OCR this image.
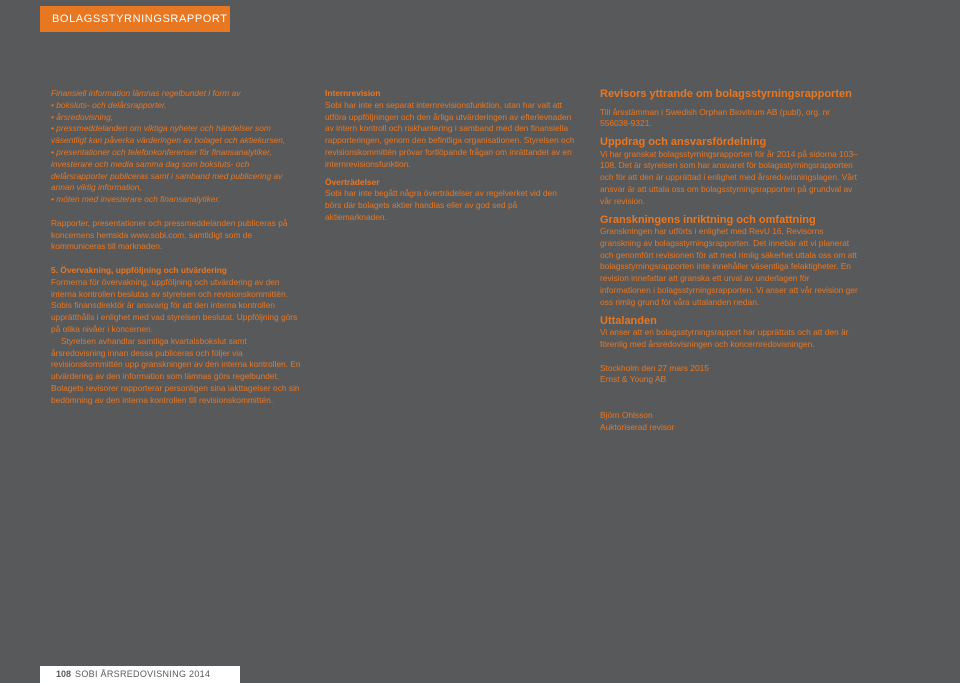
BOLAGSSTYRNINGSRAPPORT

Finansiell information lämnas regelbundet i form av

• boksluts- och delårsrapporter,

• årsredovisning,

• pressmeddelanden om viktiga nyheter och händelser som väsentligt kan påverka värderingen av bolaget och aktiekursen,

• presentationer och telefonkonferenser för finansanalytiker, investerare och media samma dag som boksluts- och delårsrapporter publiceras samt i samband med publicering av annan viktig information,

• möten med investerare och finansanalytiker.

Rapporter, presentationer och pressmeddelanden publiceras på koncernens hemsida www.sobi.com, samtidigt som de kommuniceras till marknaden.

5. Övervakning, uppföljning och utvärdering

Formerna för övervakning, uppföljning och utvärdering av den interna kontrollen beslutas av styrelsen och revisionskommittén. Sobis finansdirektör är ansvarig för att den interna kontrollen upprätthålls i enlighet med vad styrelsen beslutat. Uppföljning görs på olika nivåer i koncernen.

Styrelsen avhandlar samtliga kvartalsbokslut samt årsredovisning innan dessa publiceras och följer via revisionskommittén upp granskningen av den interna kontrollen. En utvärdering av den information som lämnas görs regelbundet. Bolagets revisorer rapporterar personligen sina iakttagelser och sin bedömning av den interna kontrollen till revisionskommittén.

Internrevision

Sobi har inte en separat internrevisionsfunktion, utan har valt att utföra uppföljningen och den årliga utvärderingen av efterlevnaden av intern kontroll och riskhantering i samband med den finansiella rapporteringen, genom den befintliga organisationen. Styrelsen och revisionskommittén prövar fortlöpande frågan om inrättandet av en internrevisionsfunktion.

Överträdelser

Sobi har inte begått några överträdelser av regelverket vid den börs där bolagets aktier handlas eller av god sed på aktiemarknaden.

Revisors yttrande om bolagsstyrningsrapporten

Till årsstämman i Swedish Orphan Biovitrum AB (publ), org. nr 556038-9321.

Uppdrag och ansvarsfördelning

Vi har granskat bolagsstyrningsrapporten för år 2014 på sidorna 103–108. Det är styrelsen som har ansvaret för bolagsstyrningsrapporten och för att den är upprättad i enlighet med årsredovisningslagen. Vårt ansvar är att uttala oss om bolagsstyrningsrapporten på grundval av vår revision.

Granskningens inriktning och omfattning

Granskningen har utförts i enlighet med RevU 16, Revisorns granskning av bolagsstyrningsrapporten. Det innebär att vi planerat och genomfört revisionen för att med rimlig säkerhet uttala oss om att bolagsstyrningsrapporten inte innehåller väsentliga felaktigheter. En revision innefattar att granska ett urval av underlagen för informationen i bolagsstyrningsrapporten. Vi anser att vår revision ger oss rimlig grund för våra uttalanden nedan.

Uttalanden

Vi anser att en bolagsstyrningsrapport har upprättats och att den är förenlig med årsredovisningen och koncernredovisningen.

Stockholm den 27 mars 2015

Ernst & Young AB

Björn Ohlsson

Auktoriserad revisor

108 SOBI ÅRSREDOVISNING 2014
